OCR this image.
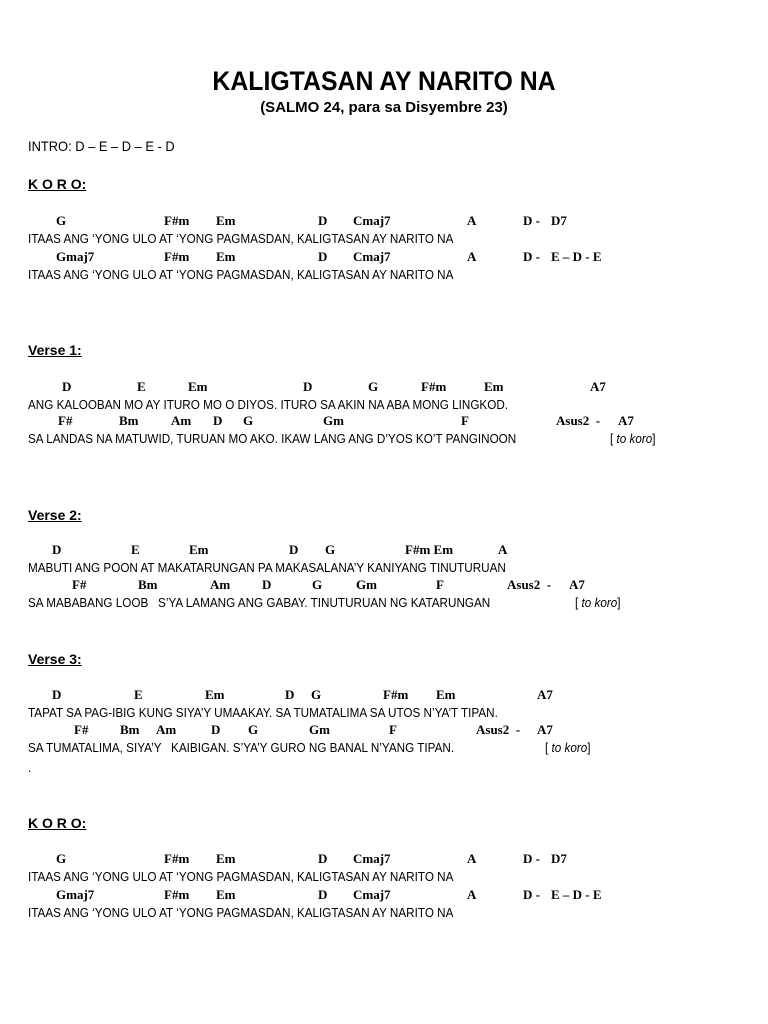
KALIGTASAN AY NARITO NA
(SALMO 24, para sa Disyembre 23)
INTRO: D – E – D – E - D
K O R O:
G	F#m Em	D Cmaj7	A	D - D7
ITAAS ANG ‘YONG ULO AT ‘YONG PAGMASDAN, KALIGTASAN AY NARITO NA
Gmaj7	F#m Em	D Cmaj7	A	D - E – D - E
ITAAS ANG ‘YONG ULO AT ‘YONG PAGMASDAN, KALIGTASAN AY NARITO NA
Verse 1:
D	E	Em	D	G	F#m	Em	A7
ANG KALOOBAN MO AY ITURO MO O DIYOS. ITURO SA AKIN NA ABA MONG LINGKOD.
F#	Bm	Am D G	Gm	F	Asus2  - A7
SA LANDAS NA MATUWID, TURUAN MO AKO. IKAW LANG ANG D’YOS KO’T PANGINOON	[ to koro]
Verse 2:
D	E	Em	D G	F#m Em	A
MABUTI ANG POON AT MAKATARUNGAN PA MAKASALANA’Y KANIYANG TINUTURUAN
F#	Bm	Am D	G	Gm	F	Asus2  - A7
SA MABABANG LOOB   S’YA LAMANG ANG GABAY. TINUTURUAN NG KATARUNGAN	[ to koro]
Verse 3:
D	E	Em	D G	F#m Em	A7
TAPAT SA PAG-IBIG KUNG SIYA’Y UMAAKAY. SA TUMATALIMA SA UTOS N’YA’T TIPAN.
F# Bm Am	D G	Gm	F	Asus2  - A7
SA TUMATALIMA, SIYA’Y   KAIBIGAN. S’YA’Y GURO NG BANAL N’YANG TIPAN.	[ to koro]
.
K O R O:
G	F#m Em	D Cmaj7	A	D - D7
ITAAS ANG ‘YONG ULO AT ‘YONG PAGMASDAN, KALIGTASAN AY NARITO NA
Gmaj7	F#m Em	D Cmaj7	A	D - E – D - E
ITAAS ANG ‘YONG ULO AT ‘YONG PAGMASDAN, KALIGTASAN AY NARITO NA
